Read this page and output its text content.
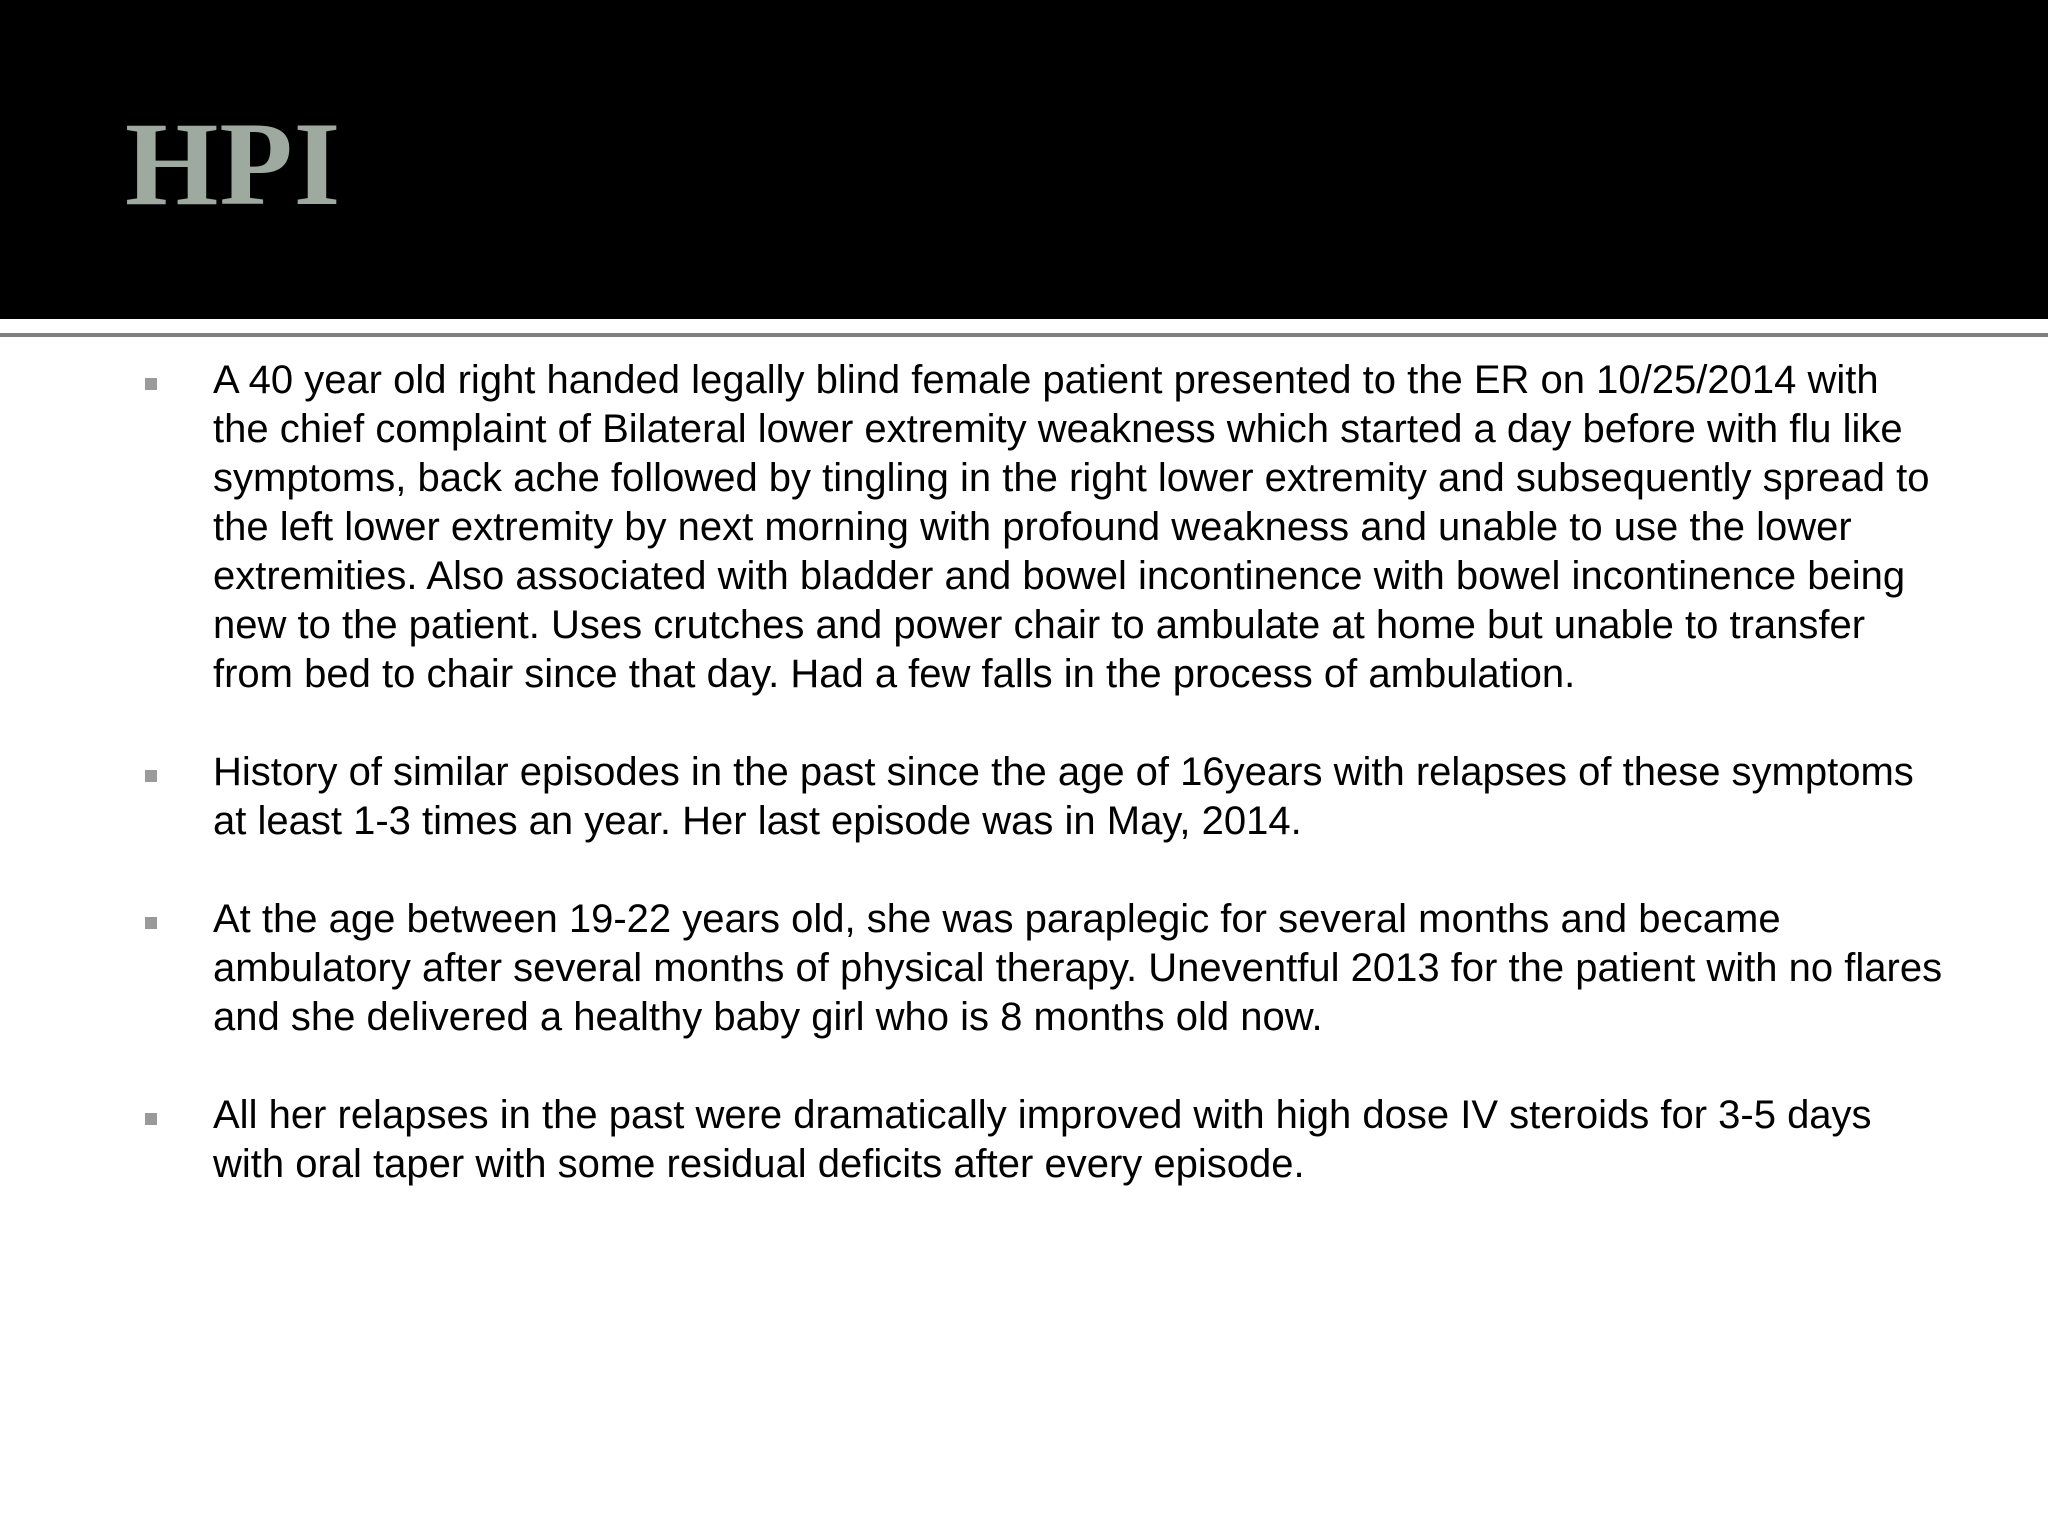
HPI

A 40 year old right handed legally blind female patient presented to the ER on 10/25/2014 with the chief complaint of Bilateral lower extremity weakness which started a day before with flu like symptoms, back ache followed by tingling in the right lower extremity and subsequently spread to the left lower extremity by next morning with profound weakness and unable to use the lower extremities. Also associated with bladder and bowel incontinence with bowel incontinence being new to the patient. Uses crutches and power chair to ambulate at home but unable to transfer from bed to chair since that day. Had a few falls in the process of ambulation.

History of similar episodes in the past since the age of 16years with relapses of these symptoms at least 1-3 times an year. Her last episode was in May, 2014.

At the age between 19-22 years old, she was paraplegic for several months and became ambulatory after several months of physical therapy. Uneventful 2013 for the patient with no flares and she delivered a healthy baby girl who is 8 months old now.

All her relapses in the past were dramatically improved with high dose IV steroids for 3-5 days with oral taper with some residual deficits after every episode.
